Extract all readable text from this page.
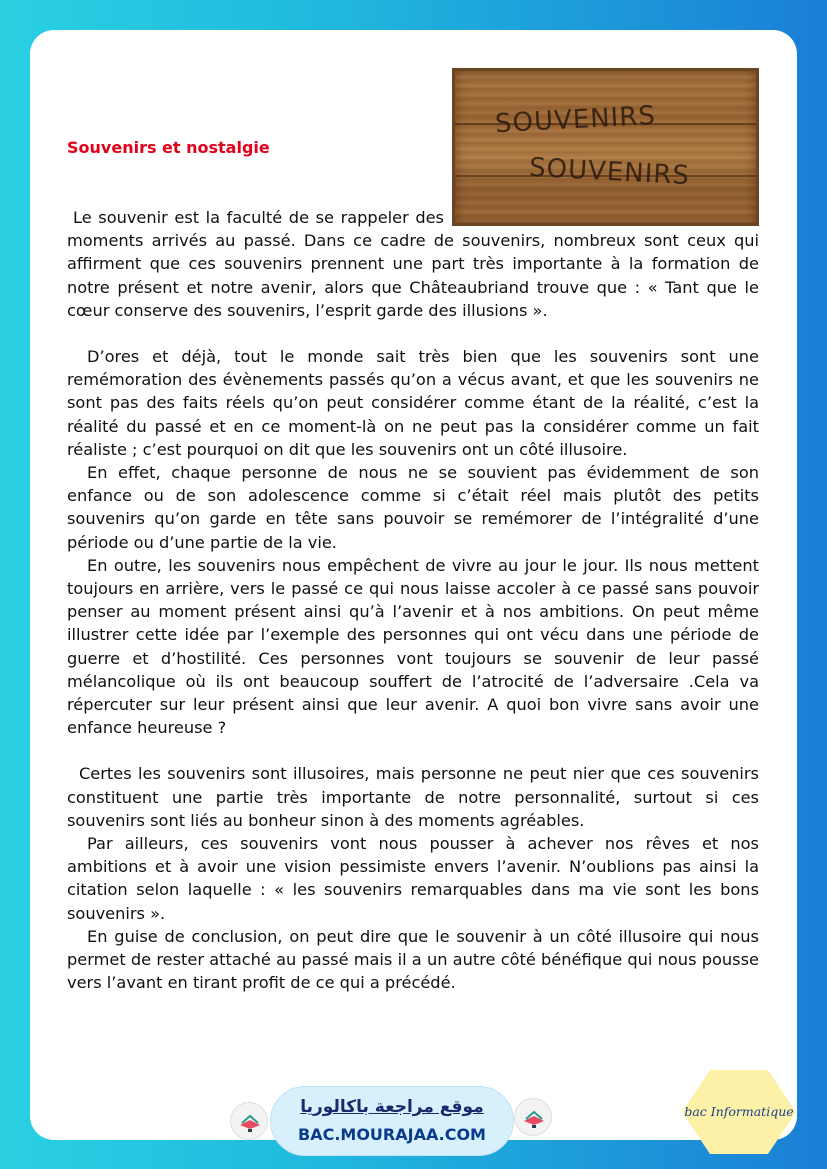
Souvenirs et nostalgie
SOUVENIRS
SOUVENIRS

Le souvenir est la faculté de se rappeler des moments arrivés au passé. Dans ce cadre de souvenirs, nombreux sont ceux qui affirment que ces souvenirs prennent une part très importante à la formation de notre présent et notre avenir, alors que Châteaubriand trouve que : « Tant que le cœur conserve des souvenirs, l’esprit garde des illusions ».

D’ores et déjà, tout le monde sait très bien que les souvenirs sont une remémoration des évènements passés qu’on a vécus avant, et que les souvenirs ne sont pas des faits réels qu’on peut considérer comme étant de la réalité, c’est la réalité du passé et en ce moment-là on ne peut pas la considérer comme un fait réaliste ; c’est pourquoi on dit que les souvenirs ont un côté illusoire.

En effet, chaque personne de nous ne se souvient pas évidemment de son enfance ou de son adolescence comme si c’était réel mais plutôt des petits souvenirs qu’on garde en tête sans pouvoir se remémorer de l’intégralité d’une période ou d’une partie de la vie.

En outre, les souvenirs nous empêchent de vivre au jour le jour. Ils nous mettent toujours en arrière, vers le passé ce qui nous laisse accoler à ce passé sans pouvoir penser au moment présent ainsi qu’à l’avenir et à nos ambitions. On peut même illustrer cette idée par l’exemple des personnes qui ont vécu dans une période de guerre et d’hostilité. Ces personnes vont toujours se souvenir de leur passé mélancolique où ils ont beaucoup souffert de l’atrocité de l’adversaire .Cela va répercuter sur leur présent ainsi que leur avenir. A quoi bon vivre sans avoir une enfance heureuse ?

Certes les souvenirs sont illusoires, mais personne ne peut nier que ces souvenirs constituent une partie très importante de notre personnalité, surtout si ces souvenirs sont liés au bonheur sinon à des moments agréables.

Par ailleurs, ces souvenirs vont nous pousser à achever nos rêves et nos ambitions et à avoir une vision pessimiste envers l’avenir. N’oublions pas ainsi la citation selon laquelle : « les souvenirs remarquables dans ma vie sont les bons souvenirs ».

En guise de conclusion, on peut dire que le souvenir à un côté illusoire qui nous permet de rester attaché au passé mais il a un autre côté bénéfique qui nous pousse vers l’avant en tirant profit de ce qui a précédé.

موقع مراجعة باكالوريا
BAC.MOURAJAA.COM
bac Informatique
